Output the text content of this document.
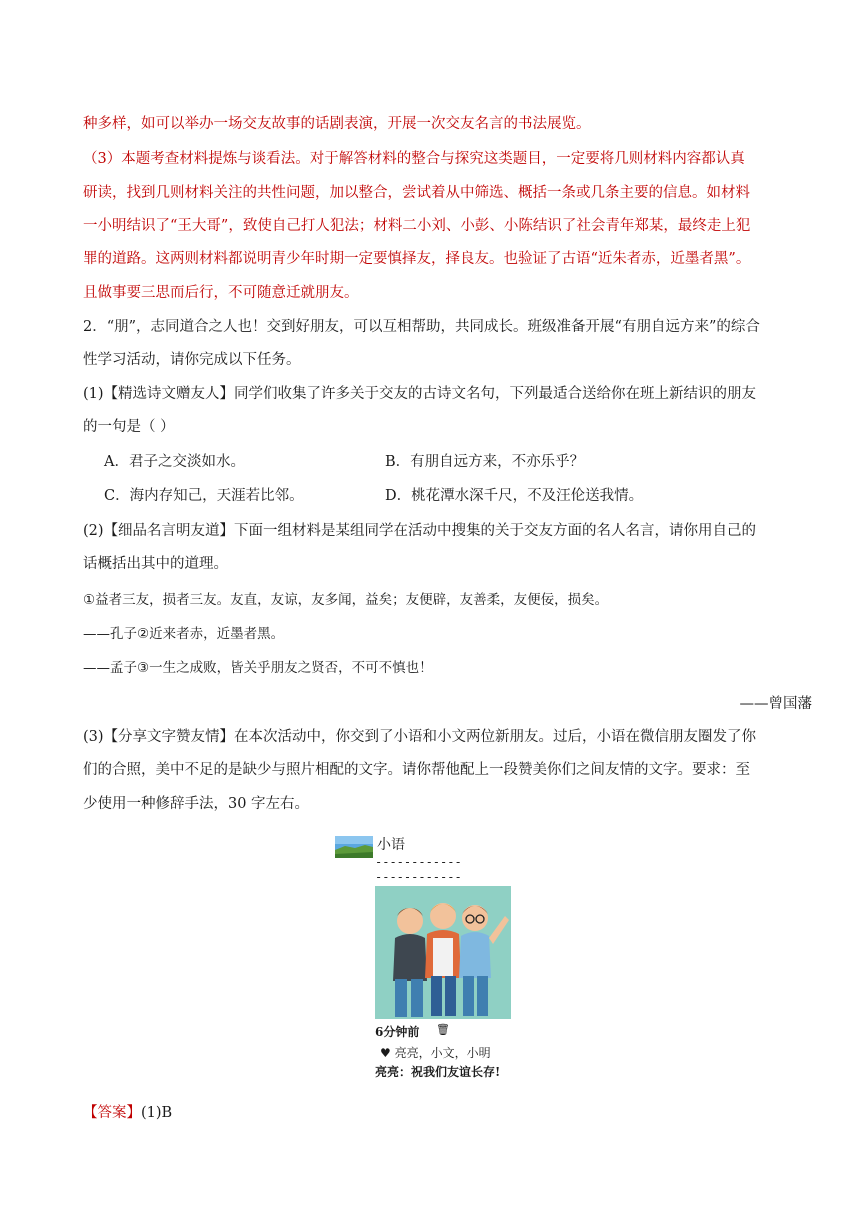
种多样，如可以举办一场交友故事的话剧表演，开展一次交友名言的书法展览。
（3）本题考查材料提炼与谈看法。对于解答材料的整合与探究这类题目，一定要将几则材料内容都认真
研读，找到几则材料关注的共性问题，加以整合，尝试着从中筛选、概括一条或几条主要的信息。如材料
一小明结识了“王大哥”，致使自己打人犯法；材料二小刘、小彭、小陈结识了社会青年郑某，最终走上犯
罪的道路。这两则材料都说明青少年时期一定要慎择友，择良友。也验证了古语“近朱者赤，近墨者黑”。
且做事要三思而后行，不可随意迁就朋友。
2．“朋”，志同道合之人也！交到好朋友，可以互相帮助，共同成长。班级准备开展“有朋自远方来”的综合
性学习活动，请你完成以下任务。
(1)【精选诗文赠友人】同学们收集了许多关于交友的古诗文名句，下列最适合送给你在班上新结识的朋友
的一句是（ ）
A．君子之交淡如水。	B．有朋自远方来，不亦乐乎？
C．海内存知己，天涯若比邻。	D．桃花潭水深千尺，不及汪伦送我情。
(2)【细品名言明友道】下面一组材料是某组同学在活动中搜集的关于交友方面的名人名言，请你用自己的
话概括出其中的道理。
①益者三友，损者三友。友直，友谅，友多闻，益矣；友便辟，友善柔，友便佞，损矣。
——孔子②近来者赤，近墨者黑。
——孟子③一生之成败，皆关乎朋友之贤否，不可不慎也！
——曾国藩
(3)【分享文字赞友情】在本次活动中，你交到了小语和小文两位新朋友。过后，小语在微信朋友圈发了你
们的合照，美中不足的是缺少与照片相配的文字。请你帮他配上一段赞美你们之间友情的文字。要求：至
少使用一种修辞手法，30 字左右。
小语
------------
------------
6分钟前 🗑
♥ 亮亮，小文，小明
亮亮：祝我们友谊长存!
【答案】(1)B
